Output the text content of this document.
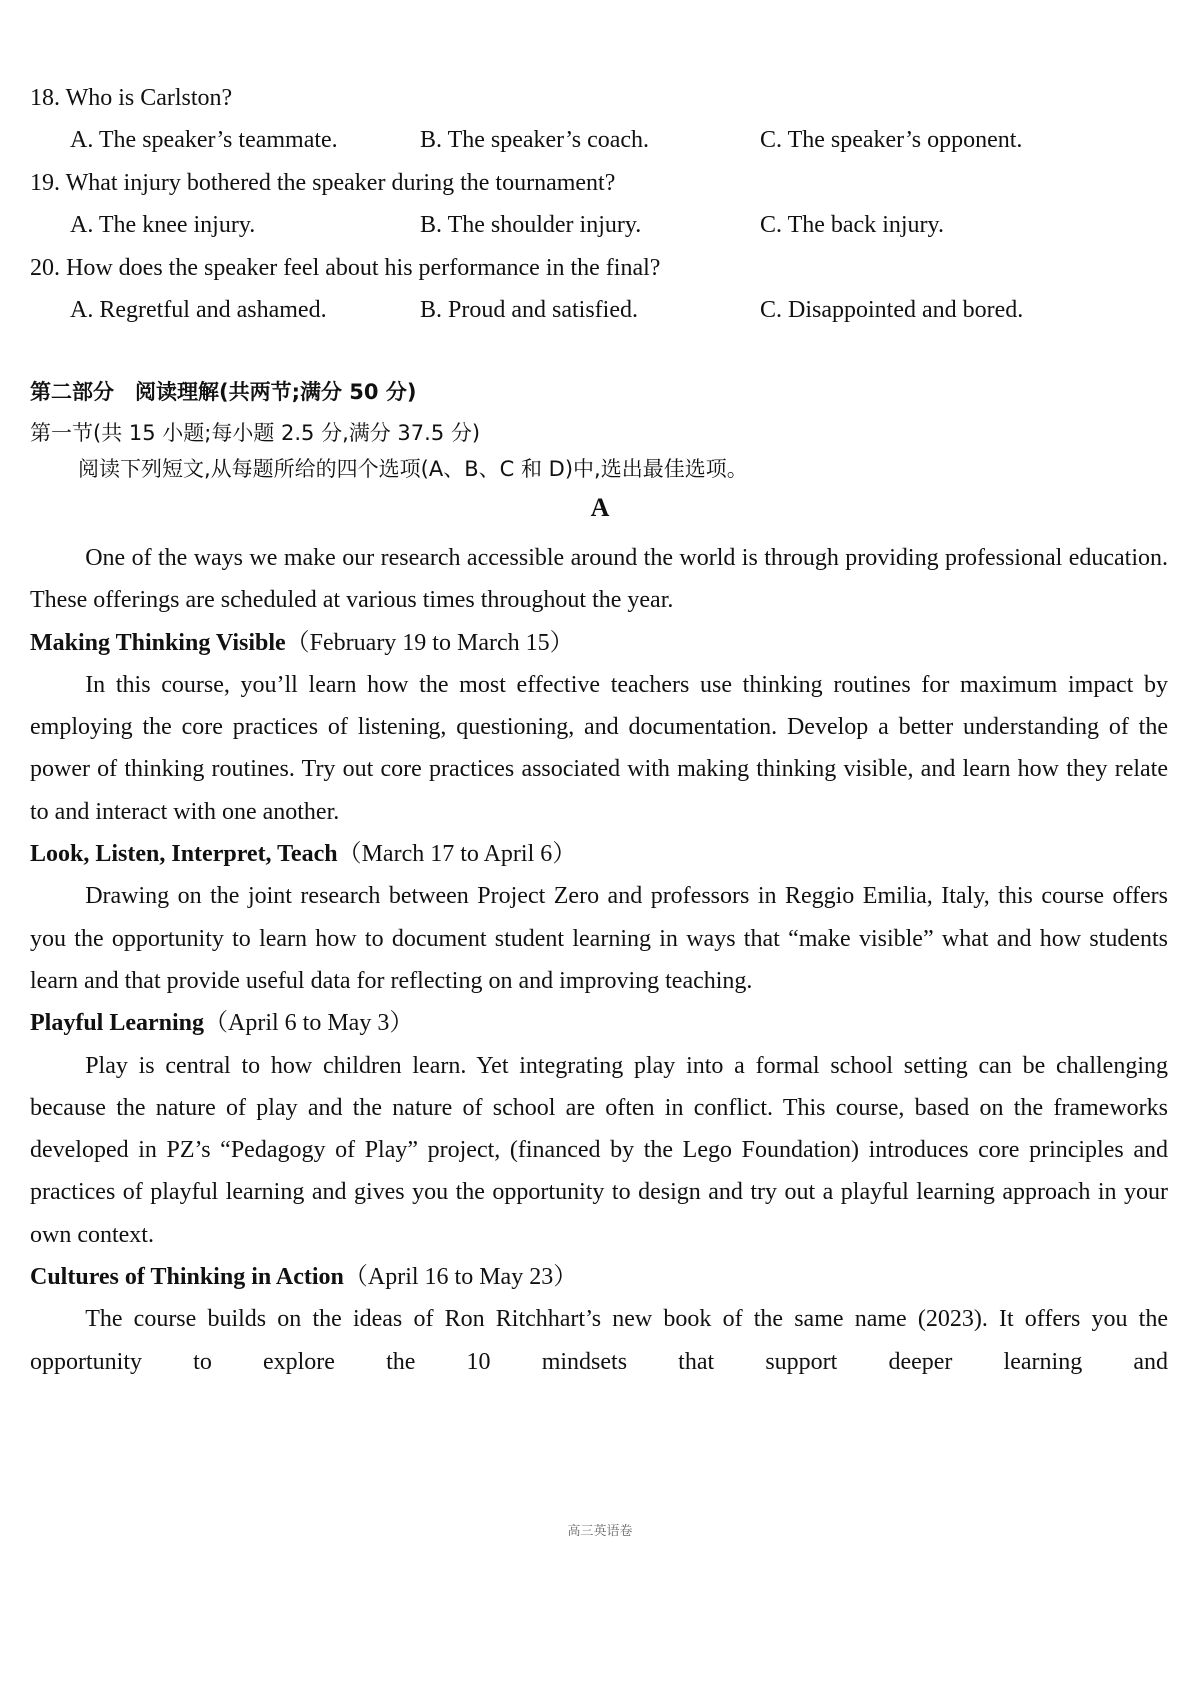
18. Who is Carlston?
A. The speaker’s teammate.	B. The speaker’s coach.	C. The speaker’s opponent.
19. What injury bothered the speaker during the tournament?
A. The knee injury.	B. The shoulder injury.	C. The back injury.
20. How does the speaker feel about his performance in the final?
A. Regretful and ashamed.	B. Proud and satisfied.	C. Disappointed and bored.
第二部分　阅读理解(共两节;满分 50 分)
第一节(共 15 小题;每小题 2.5 分,满分 37.5 分)
阅读下列短文,从每题所给的四个选项(A、B、C 和 D)中,选出最佳选项。
A

One of the ways we make our research accessible around the world is through providing professional education. These offerings are scheduled at various times throughout the year.

Making Thinking Visible（February 19 to March 15）

In this course, you’ll learn how the most effective teachers use thinking routines for maximum impact by employing the core practices of listening, questioning, and documentation. Develop a better understanding of the power of thinking routines. Try out core practices associated with making thinking visible, and learn how they relate to and interact with one another.

Look, Listen, Interpret, Teach（March 17 to April 6）

Drawing on the joint research between Project Zero and professors in Reggio Emilia, Italy, this course offers you the opportunity to learn how to document student learning in ways that “make visible” what and how students learn and that provide useful data for reflecting on and improving teaching.

Playful Learning（April 6 to May 3）

Play is central to how children learn. Yet integrating play into a formal school setting can be challenging because the nature of play and the nature of school are often in conflict. This course, based on the frameworks developed in PZ’s “Pedagogy of Play” project, (financed by the Lego Foundation) introduces core principles and practices of playful learning and gives you the opportunity to design and try out a playful learning approach in your own context.

Cultures of Thinking in Action（April 16 to May 23）

The course builds on the ideas of Ron Ritchhart’s new book of the same name (2023). It offers you the opportunity to explore the 10 mindsets that support deeper learning and

高三英语卷
